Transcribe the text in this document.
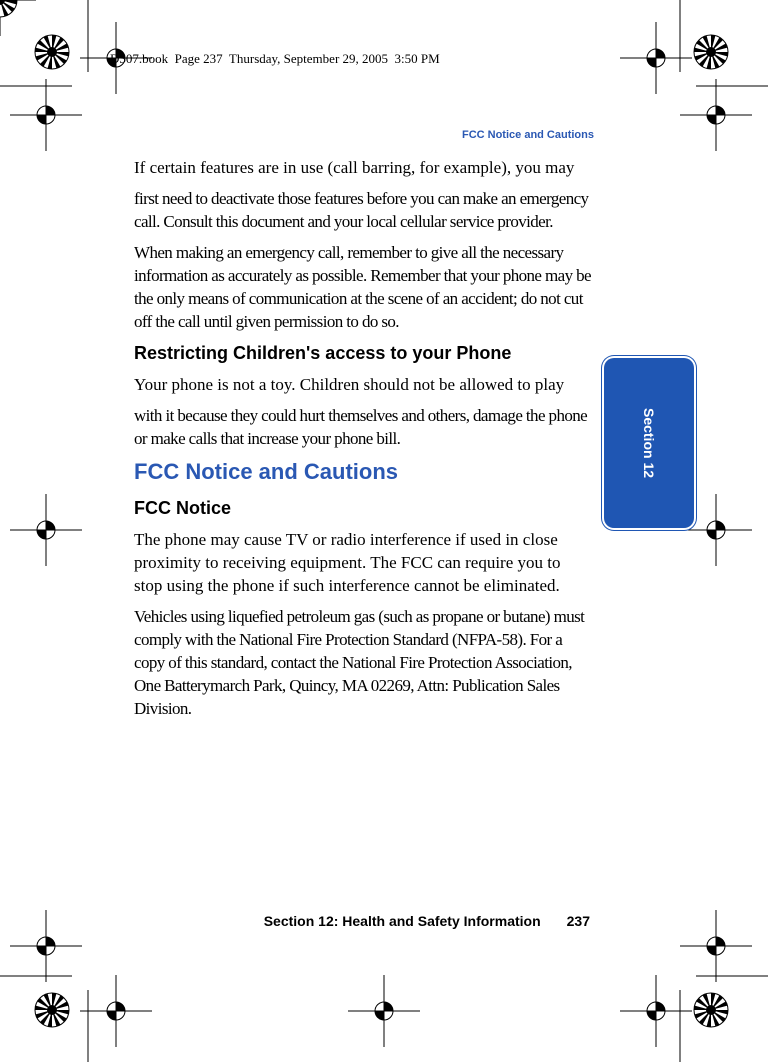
D307.book  Page 237  Thursday, September 29, 2005  3:50 PM
FCC Notice and Cautions
Section 12

If certain features are in use (call barring, for example), you may

first need to deactivate those features before you can make an emergency call. Consult this document and your local cellular service provider.

When making an emergency call, remember to give all the necessary information as accurately as possible. Remember that your phone may be the only means of communication at the scene of an accident; do not cut off the call until given permission to do so.

Restricting Children's access to your Phone

Your phone is not a toy. Children should not be allowed to play

with it because they could hurt themselves and others, damage the phone or make calls that increase your phone bill.

FCC Notice and Cautions
FCC Notice

The phone may cause TV or radio interference if used in close proximity to receiving equipment. The FCC can require you to stop using the phone if such interference cannot be eliminated.

Vehicles using liquefied petroleum gas (such as propane or butane) must comply with the National Fire Protection Standard (NFPA-58). For a copy of this standard, contact the National Fire Protection Association, One Batterymarch Park, Quincy, MA 02269, Attn: Publication Sales Division.

Section 12: Health and Safety Information 237
